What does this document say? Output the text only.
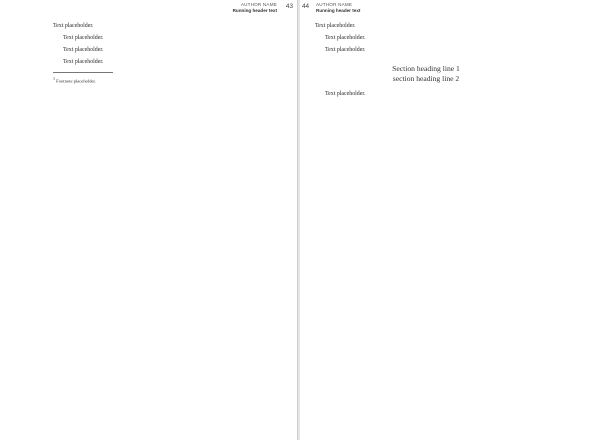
AUTHOR NAME
Running header text
43

Text placeholder.

Text placeholder.

Text placeholder.

Text placeholder.

$^1$ Footnote placeholder.

44 AUTHOR NAME
Running header text

Text placeholder.

Text placeholder.

Text placeholder.

Section heading line 1
section heading line 2

Text placeholder.
